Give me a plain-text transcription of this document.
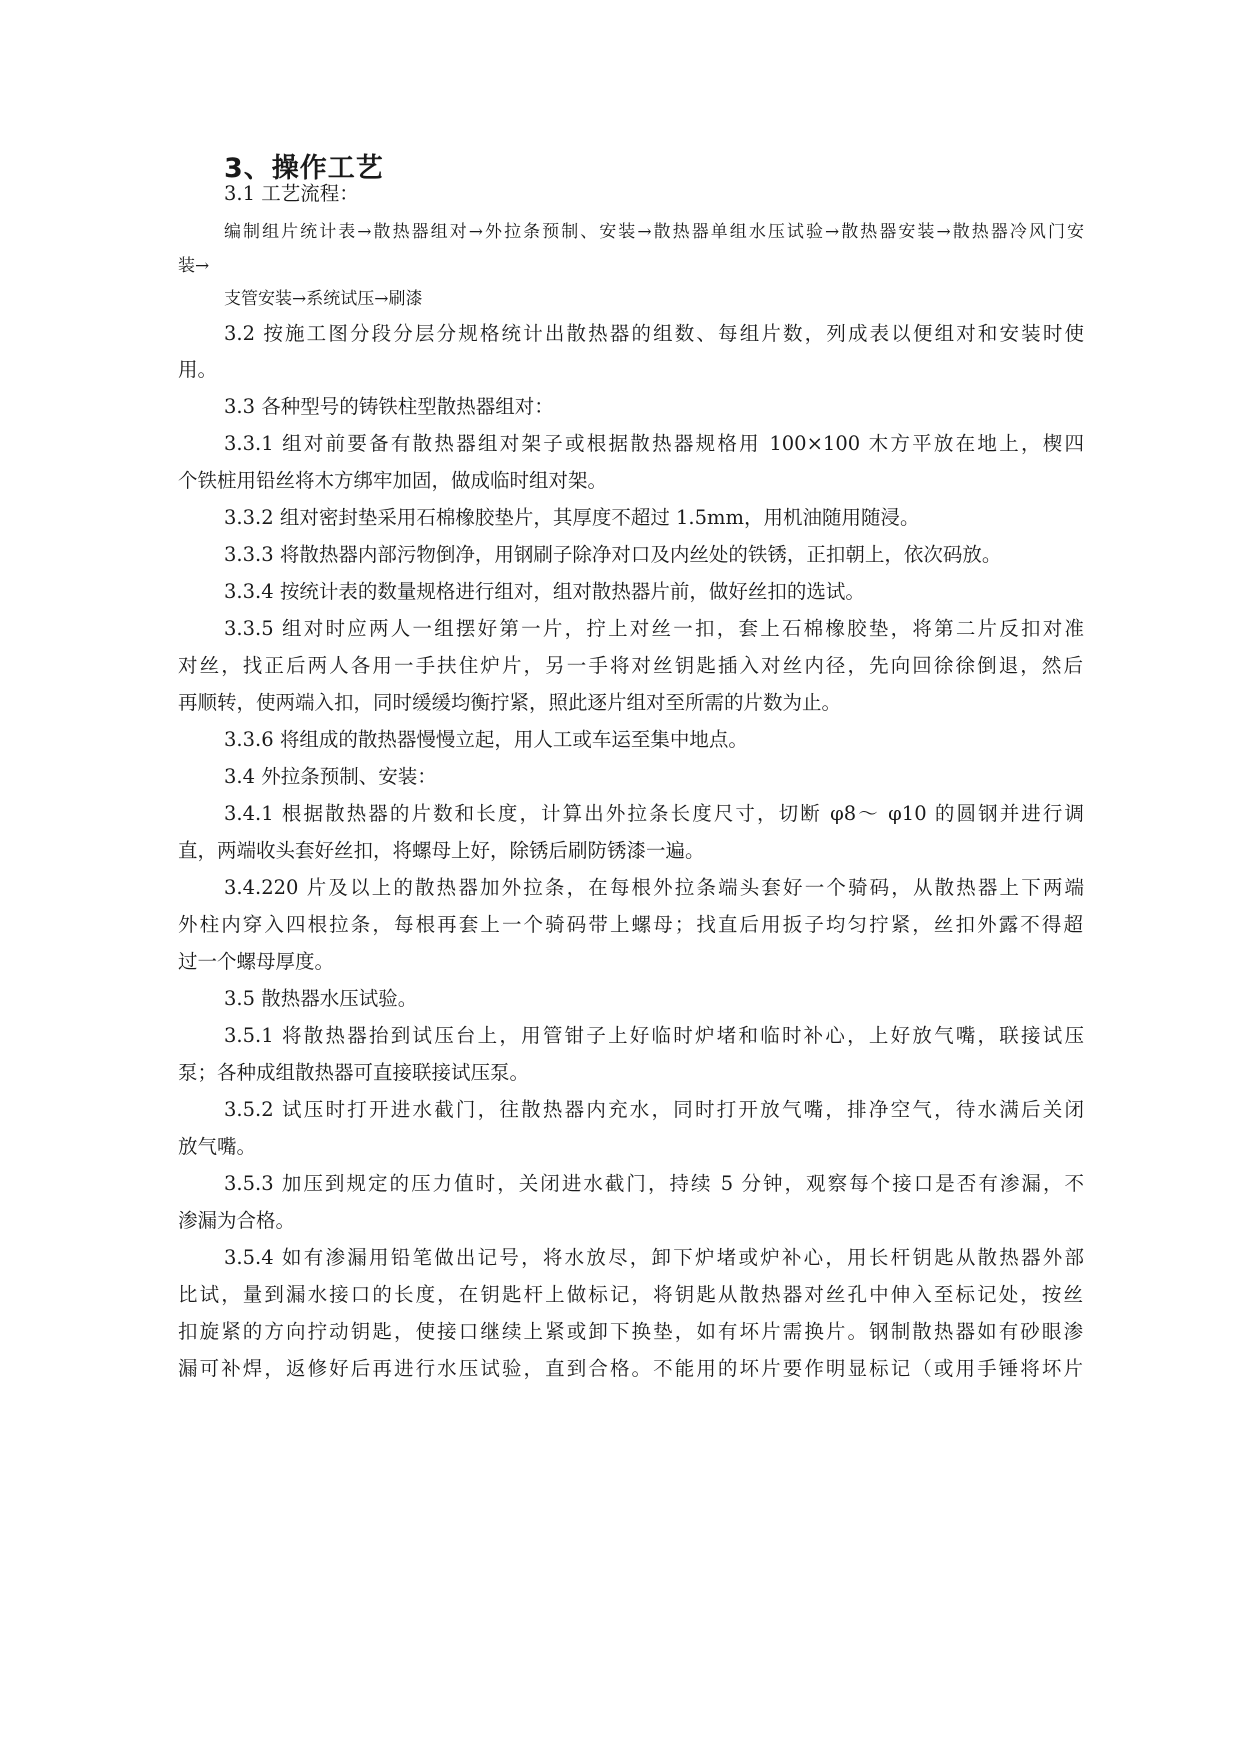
3、操作工艺
3.1 工艺流程：
编制组片统计表→散热器组对→外拉条预制、安装→散热器单组水压试验→散热器安装→散热器冷风门安
装→
支管安装→系统试压→刷漆
3.2 按施工图分段分层分规格统计出散热器的组数、每组片数，列成表以便组对和安装时使
用。
3.3 各种型号的铸铁柱型散热器组对：
3.3.1 组对前要备有散热器组对架子或根据散热器规格用 100×100 木方平放在地上，楔四
个铁桩用铅丝将木方绑牢加固，做成临时组对架。
3.3.2 组对密封垫采用石棉橡胶垫片，其厚度不超过 1.5mm，用机油随用随浸。
3.3.3 将散热器内部污物倒净，用钢刷子除净对口及内丝处的铁锈，正扣朝上，依次码放。
3.3.4 按统计表的数量规格进行组对，组对散热器片前，做好丝扣的选试。
3.3.5 组对时应两人一组摆好第一片，拧上对丝一扣，套上石棉橡胶垫，将第二片反扣对准
对丝，找正后两人各用一手扶住炉片，另一手将对丝钥匙插入对丝内径，先向回徐徐倒退，然后
再顺转，使两端入扣，同时缓缓均衡拧紧，照此逐片组对至所需的片数为止。
3.3.6 将组成的散热器慢慢立起，用人工或车运至集中地点。
3.4 外拉条预制、安装：
3.4.1 根据散热器的片数和长度，计算出外拉条长度尺寸，切断 φ8～ φ10 的圆钢并进行调
直，两端收头套好丝扣，将螺母上好，除锈后刷防锈漆一遍。
3.4.220 片及以上的散热器加外拉条，在每根外拉条端头套好一个骑码，从散热器上下两端
外柱内穿入四根拉条，每根再套上一个骑码带上螺母；找直后用扳子均匀拧紧，丝扣外露不得超
过一个螺母厚度。
3.5 散热器水压试验。
3.5.1 将散热器抬到试压台上，用管钳子上好临时炉堵和临时补心，上好放气嘴，联接试压
泵；各种成组散热器可直接联接试压泵。
3.5.2 试压时打开进水截门，往散热器内充水，同时打开放气嘴，排净空气，待水满后关闭
放气嘴。
3.5.3 加压到规定的压力值时，关闭进水截门，持续 5 分钟，观察每个接口是否有渗漏，不
渗漏为合格。
3.5.4 如有渗漏用铅笔做出记号，将水放尽，卸下炉堵或炉补心，用长杆钥匙从散热器外部
比试，量到漏水接口的长度，在钥匙杆上做标记，将钥匙从散热器对丝孔中伸入至标记处，按丝
扣旋紧的方向拧动钥匙，使接口继续上紧或卸下换垫，如有坏片需换片。钢制散热器如有砂眼渗
漏可补焊，返修好后再进行水压试验，直到合格。不能用的坏片要作明显标记（或用手锤将坏片
